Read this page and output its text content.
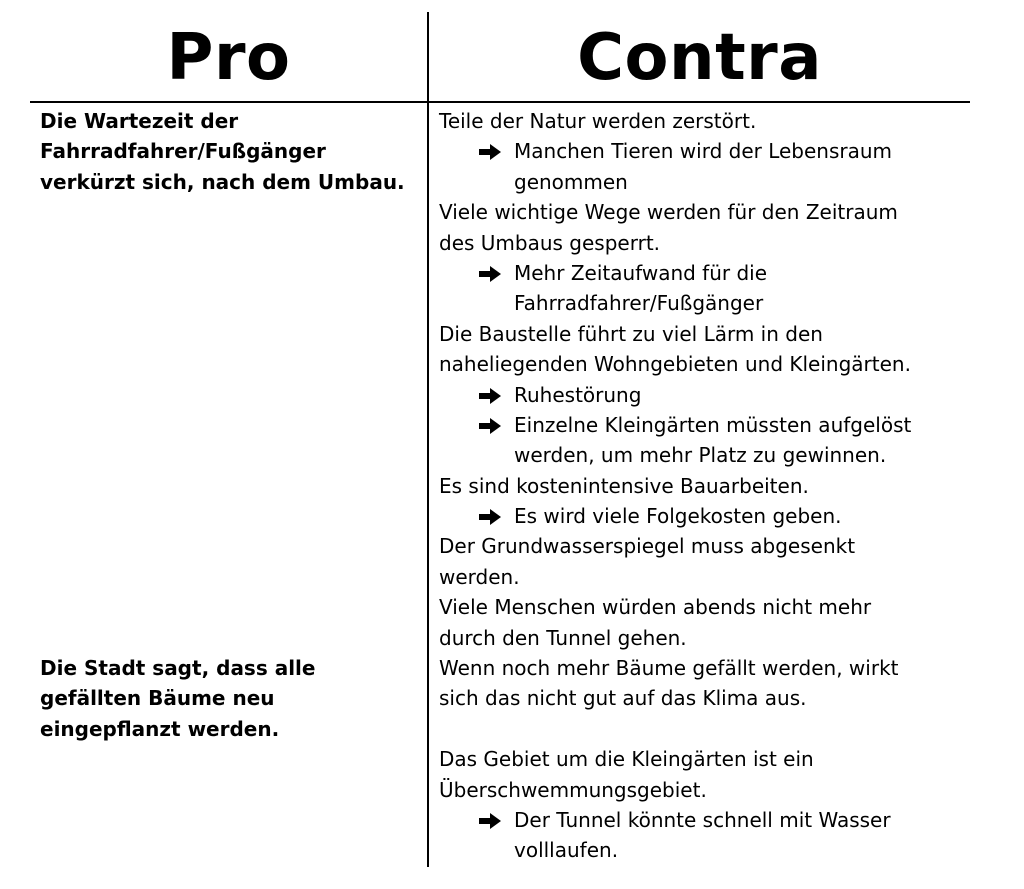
Pro	Contra
Die Wartezeit der
Fahrradfahrer/Fußgänger
verkürzt sich, nach dem Umbau.
Die Stadt sagt, dass alle
gefällten Bäume neu
eingepflanzt werden.
Teile der Natur werden zerstört.
Manchen Tieren wird der Lebensraum
genommen
Viele wichtige Wege werden für den Zeitraum
des Umbaus gesperrt.
Mehr Zeitaufwand für die
Fahrradfahrer/Fußgänger
Die Baustelle führt zu viel Lärm in den
naheliegenden Wohngebieten und Kleingärten.
Ruhestörung
Einzelne Kleingärten müssten aufgelöst
werden, um mehr Platz zu gewinnen.
Es sind kostenintensive Bauarbeiten.
Es wird viele Folgekosten geben.
Der Grundwasserspiegel muss abgesenkt
werden.
Viele Menschen würden abends nicht mehr
durch den Tunnel gehen.
Wenn noch mehr Bäume gefällt werden, wirkt
sich das nicht gut auf das Klima aus.
Das Gebiet um die Kleingärten ist ein
Überschwemmungsgebiet.
Der Tunnel könnte schnell mit Wasser
volllaufen.
